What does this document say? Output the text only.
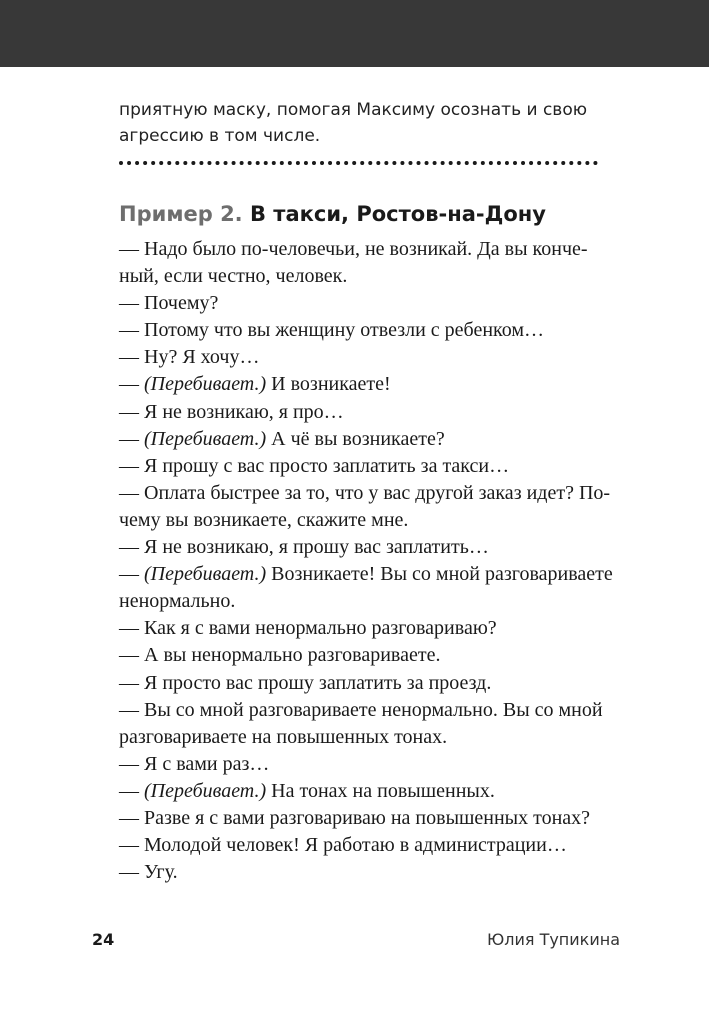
приятную маску, помогая Максиму осознать и свою
агрессию в том числе.
Пример 2. В такси, Ростов-на-Дону
— Надо было по-человечьи, не возникай. Да вы конче-
ный, если честно, человек.
— Почему?
— Потому что вы женщину отвезли с ребенком…
— Ну? Я хочу…
— (Перебивает.) И возникаете!
— Я не возникаю, я про…
— (Перебивает.) А чё вы возникаете?
— Я прошу с вас просто заплатить за такси…
— Оплата быстрее за то, что у вас другой заказ идет? По-
чему вы возникаете, скажите мне.
— Я не возникаю, я прошу вас заплатить…
— (Перебивает.) Возникаете! Вы со мной разговариваете
ненормально.
— Как я с вами ненормально разговариваю?
— А вы ненормально разговариваете.
— Я просто вас прошу заплатить за проезд.
— Вы со мной разговариваете ненормально. Вы со мной
разговариваете на повышенных тонах.
— Я с вами раз…
— (Перебивает.) На тонах на повышенных.
— Разве я с вами разговариваю на повышенных тонах?
— Молодой человек! Я работаю в администрации…
— Угу.
24	Юлия Тупикина
